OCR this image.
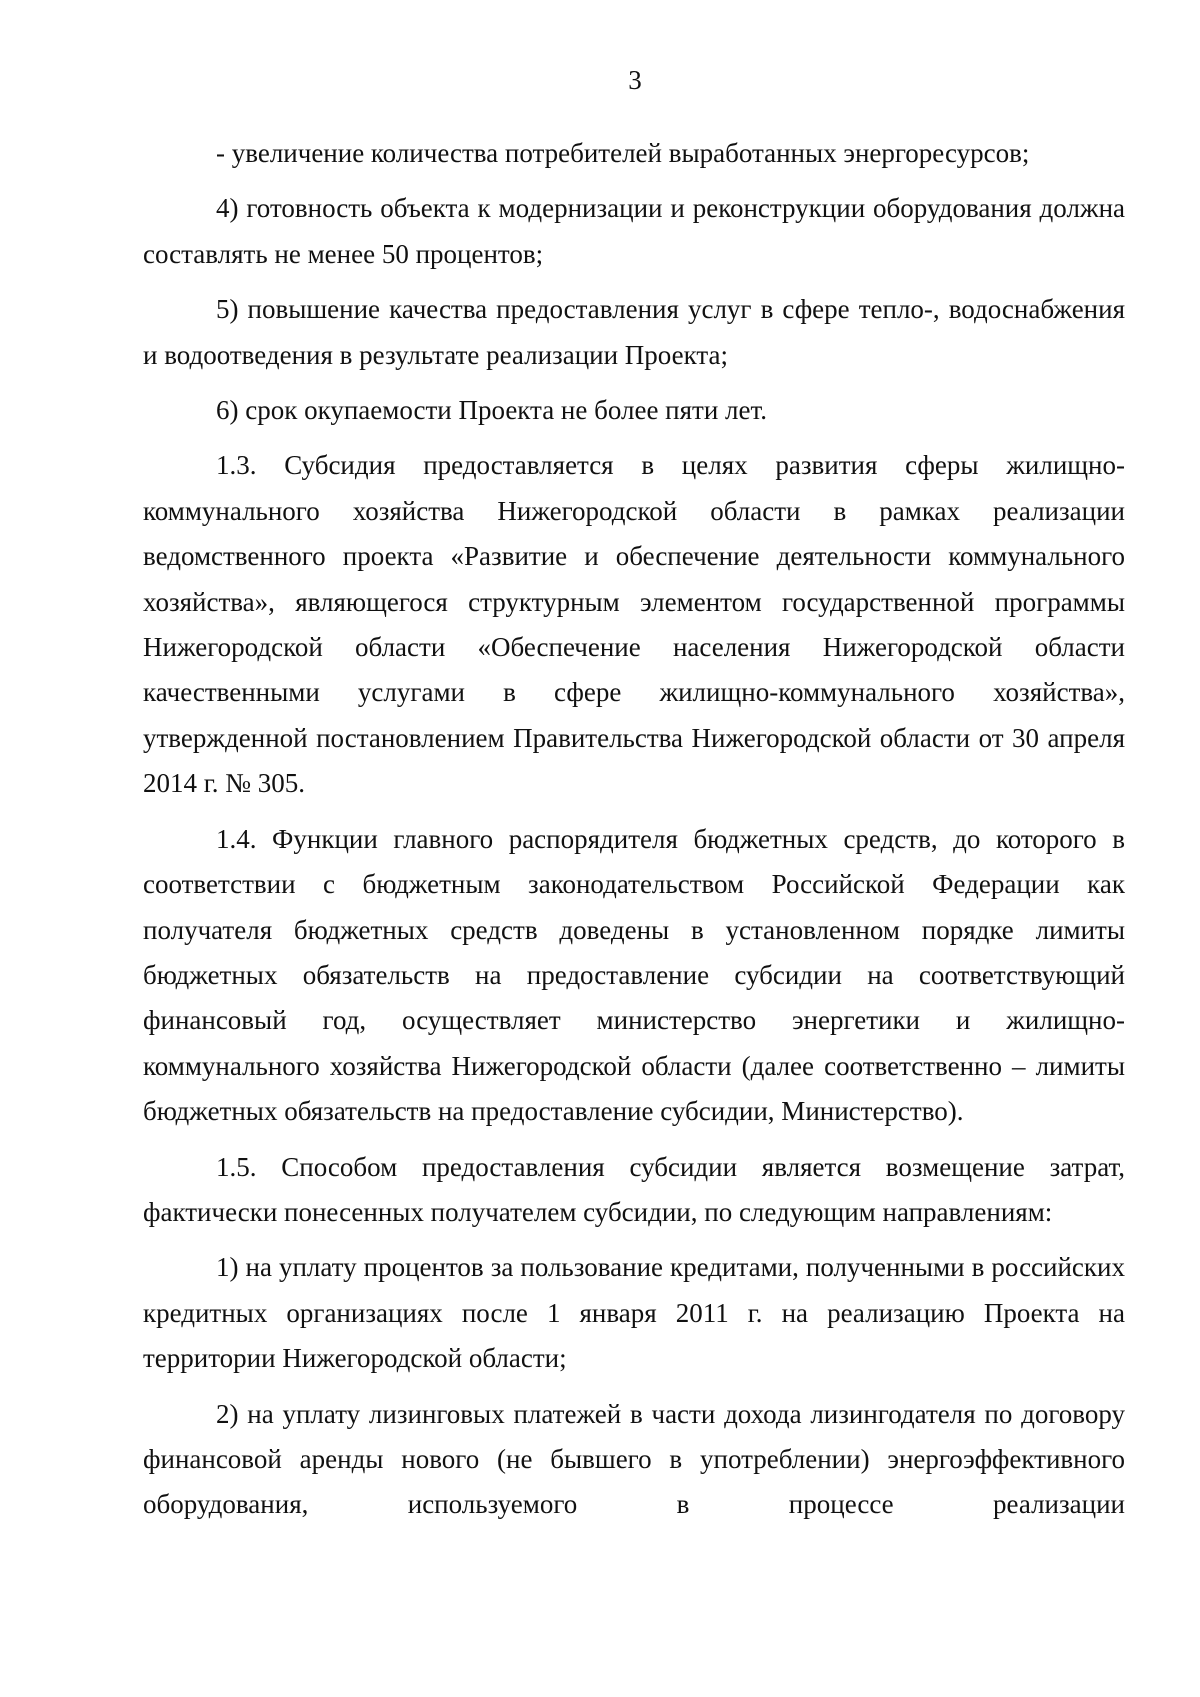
3

- увеличение количества потребителей выработанных энергоресурсов;

4) готовность объекта к модернизации и реконструкции оборудования должна составлять не менее 50 процентов;

5) повышение качества предоставления услуг в сфере тепло-, водоснабжения и водоотведения в результате реализации Проекта;

6) срок окупаемости Проекта не более пяти лет.

1.3. Субсидия предоставляется в целях развития сферы жилищно-коммунального хозяйства Нижегородской области в рамках реализации ведомственного проекта «Развитие и обеспечение деятельности коммунального хозяйства», являющегося структурным элементом государственной программы Нижегородской области «Обеспечение населения Нижегородской области качественными услугами в сфере жилищно-коммунального хозяйства», утвержденной постановлением Правительства Нижегородской области от 30 апреля 2014 г. № 305.

1.4. Функции главного распорядителя бюджетных средств, до которого в соответствии с бюджетным законодательством Российской Федерации как получателя бюджетных средств доведены в установленном порядке лимиты бюджетных обязательств на предоставление субсидии на соответствующий финансовый год, осуществляет министерство энергетики и жилищно-коммунального хозяйства Нижегородской области (далее соответственно – лимиты бюджетных обязательств на предоставление субсидии, Министерство).

1.5. Способом предоставления субсидии является возмещение затрат, фактически понесенных получателем субсидии, по следующим направлениям:

1) на уплату процентов за пользование кредитами, полученными в российских кредитных организациях после 1 января 2011 г. на реализацию Проекта на территории Нижегородской области;

2) на уплату лизинговых платежей в части дохода лизингодателя по договору финансовой аренды нового (не бывшего в употреблении) энергоэффективного оборудования, используемого в процессе реализации
